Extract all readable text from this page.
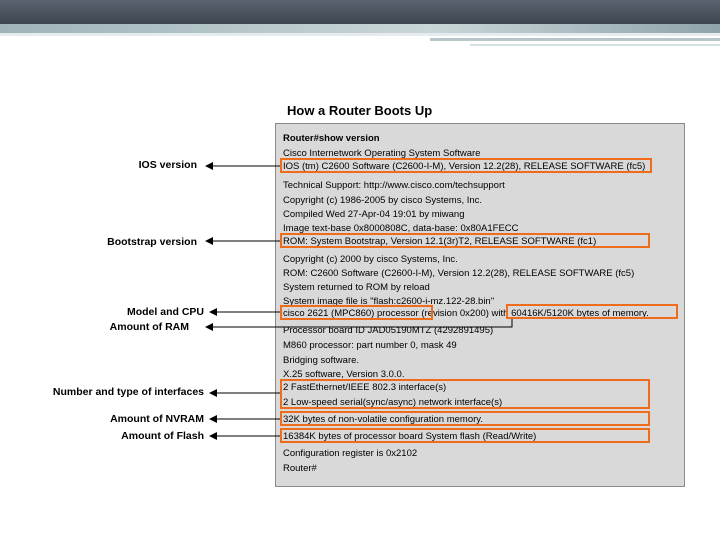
How a Router Boots Up
Router#show version
Cisco Internetwork Operating System Software
IOS (tm) C2600 Software (C2600-I-M), Version 12.2(28), RELEASE SOFTWARE (fc5)
Technical Support: http://www.cisco.com/techsupport
Copyright (c) 1986-2005 by cisco Systems, Inc.
Compiled Wed 27-Apr-04 19:01 by miwang
Image text-base 0x8000808C, data-base: 0x80A1FECC
ROM: System Bootstrap, Version 12.1(3r)T2, RELEASE SOFTWARE (fc1)
Copyright (c) 2000 by cisco Systems, Inc.
ROM: C2600 Software (C2600-I-M), Version 12.2(28), RELEASE SOFTWARE (fc5)
System returned to ROM by reload
System image file is "flash:c2600-i-mz.122-28.bin"
cisco 2621 (MPC860) processor (revision 0x200) with 60416K/5120K bytes of memory.
Processor board ID JAD05190MTZ (4292891495)
M860 processor: part number 0, mask 49
Bridging software.
X.25 software, Version 3.0.0.
2 FastEthernet/IEEE 802.3 interface(s)
2 Low-speed serial(sync/async) network interface(s)
32K bytes of non-volatile configuration memory.
16384K bytes of processor board System flash (Read/Write)
Configuration register is 0x2102
Router#
IOS version
Bootstrap version
Model and CPU
Amount of RAM
Number and type of interfaces
Amount of NVRAM
Amount of Flash
